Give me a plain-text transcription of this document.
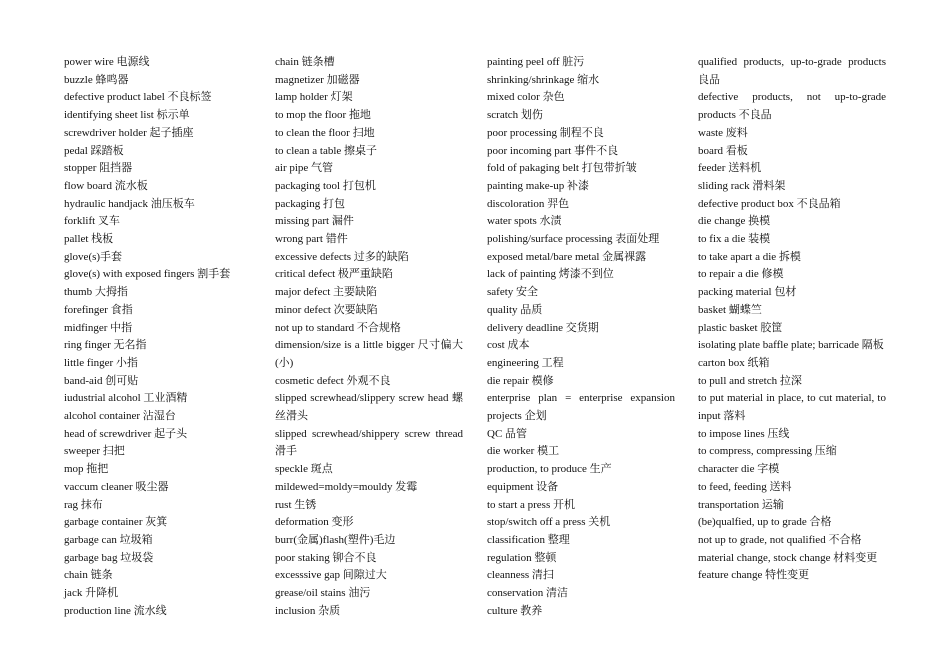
power wire 电源线
buzzle 蜂鸣器
defective product label 不良标签
identifying sheet list 标示单
screwdriver holder 起子插座
pedal 踩踏板
stopper 阻挡器
flow board 流水板
hydraulic handjack 油压板车
forklift 叉车
pallet 栈板
glove(s)手套
glove(s) with exposed fingers 割手套
thumb 大拇指
forefinger 食指
midfinger 中指
ring finger 无名指
little finger 小指
band-aid 创可贴
iudustrial alcohol 工业酒精
alcohol container 沾湿台
head of screwdriver 起子头
sweeper 扫把
mop 拖把
vaccum cleaner 吸尘器
rag 抹布
garbage container 灰箕
garbage can 垃圾箱
garbage bag 垃圾袋
chain 链条
jack 升降机
production line 流水线
chain 链条槽
magnetizer 加磁器
lamp holder 灯架
to mop the floor 拖地
to clean the floor 扫地
to clean a table 擦桌子
air pipe 气管
packaging tool 打包机
packaging 打包
missing part 漏件
wrong part 错件
excessive defects 过多的缺陷
critical defect 极严重缺陷
major defect 主要缺陷
minor defect 次要缺陷
not up to standard 不合规格
dimension/size is a little bigger 尺寸偏大(小)
cosmetic defect 外观不良
slipped screwhead/slippery screw head 螺丝滑头
slipped screwhead/shippery screw thread 滑手
speckle 斑点
mildewed=moldy=mouldy 发霉
rust 生锈
deformation 变形
burr(金属)flash(塑件)毛边
poor staking 铆合不良
excesssive gap 间隙过大
grease/oil stains 油污
inclusion 杂质
painting peel off 脏污
shrinking/shrinkage 缩水
mixed color 杂色
scratch 划伤
poor processing 制程不良
poor incoming part 事件不良
fold of pakaging belt 打包带折皱
painting make-up 补漆
discoloration 羿色
water spots 水渍
polishing/surface processing 表面处理
exposed metal/bare metal 金属裸露
lack of painting 烤漆不到位
safety 安全
quality 品质
delivery deadline 交货期
cost 成本
engineering 工程
die repair 模修
enterprise plan = enterprise expansion projects 企划
QC 品管
die worker 模工
production, to produce 生产
equipment 设备
to start a press 开机
stop/switch off a press 关机
classification 整理
regulation 整顿
cleanness 清扫
conservation 清洁
culture 教养
qualified products, up-to-grade products 良品
defective products, not up-to-grade products 不良品
waste 废料
board 看板
feeder 送料机
sliding rack 滑料架
defective product box 不良品箱
die change 换模
to fix a die 装模
to take apart a die 拆模
to repair a die 修模
packing material 包材
basket 蝴蝶竺
plastic basket 胶筐
isolating plate baffle plate; barricade 隔板
carton box 纸箱
to pull and stretch 拉深
to put material in place, to cut material, to input 落料
to impose lines 压线
to compress, compressing 压缩
character die 字模
to feed, feeding 送料
transportation 运输
(be)qualfied, up to grade 合格
not up to grade, not qualified 不合格
material change, stock change 材料变更
feature change 特性变更
